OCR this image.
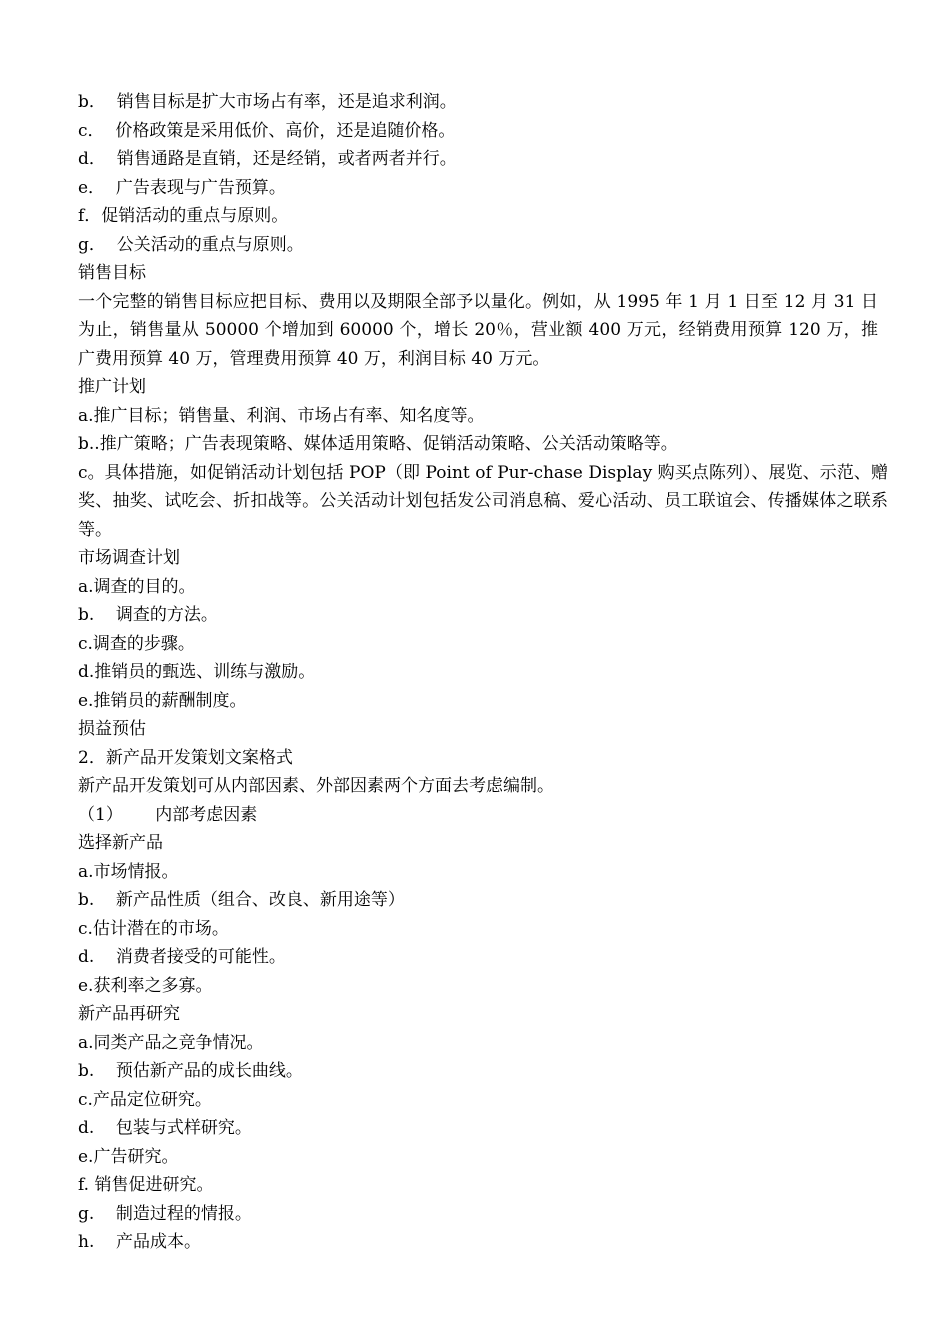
b．  销售目标是扩大市场占有率，还是追求利润。
c．  价格政策是采用低价、高价，还是追随价格。
d．  销售通路是直销，还是经销，或者两者并行。
e．  广告表现与广告预算。
f．促销活动的重点与原则。
g．  公关活动的重点与原则。
销售目标
一个完整的销售目标应把目标、费用以及期限全部予以量化。例如，从 1995 年 1 月 1 日至 12 月 31 日为止，销售量从 50000 个增加到 60000 个，增长 20％，营业额 400 万元，经销费用预算 120 万，推广费用预算 40 万，管理费用预算 40 万，利润目标 40 万元。
推广计划
a.推广目标；销售量、利润、市场占有率、知名度等。
b..推广策略；广告表现策略、媒体适用策略、促销活动策略、公关活动策略等。
c。具体措施，如促销活动计划包括 POP（即 Point of Pur-chase Display 购买点陈列）、展览、示范、赠奖、抽奖、试吃会、折扣战等。公关活动计划包括发公司消息稿、爱心活动、员工联谊会、传播媒体之联系等。
市场调查计划
a.调查的目的。
b.    调查的方法。
c.调查的步骤。
d.推销员的甄选、训练与激励。
e.推销员的薪酬制度。
损益预估
2．新产品开发策划文案格式
新产品开发策划可从内部因素、外部因素两个方面去考虑编制。
（1）      内部考虑因素
选择新产品
a.市场情报。
b.    新产品性质（组合、改良、新用途等）
c.估计潜在的市场。
d.    消费者接受的可能性。
e.获利率之多寡。
新产品再研究
a.同类产品之竞争情况。
b.    预估新产品的成长曲线。
c.产品定位研究。
d.    包装与式样研究。
e.广告研究。
f. 销售促进研究。
g.    制造过程的情报。
h.    产品成本。
